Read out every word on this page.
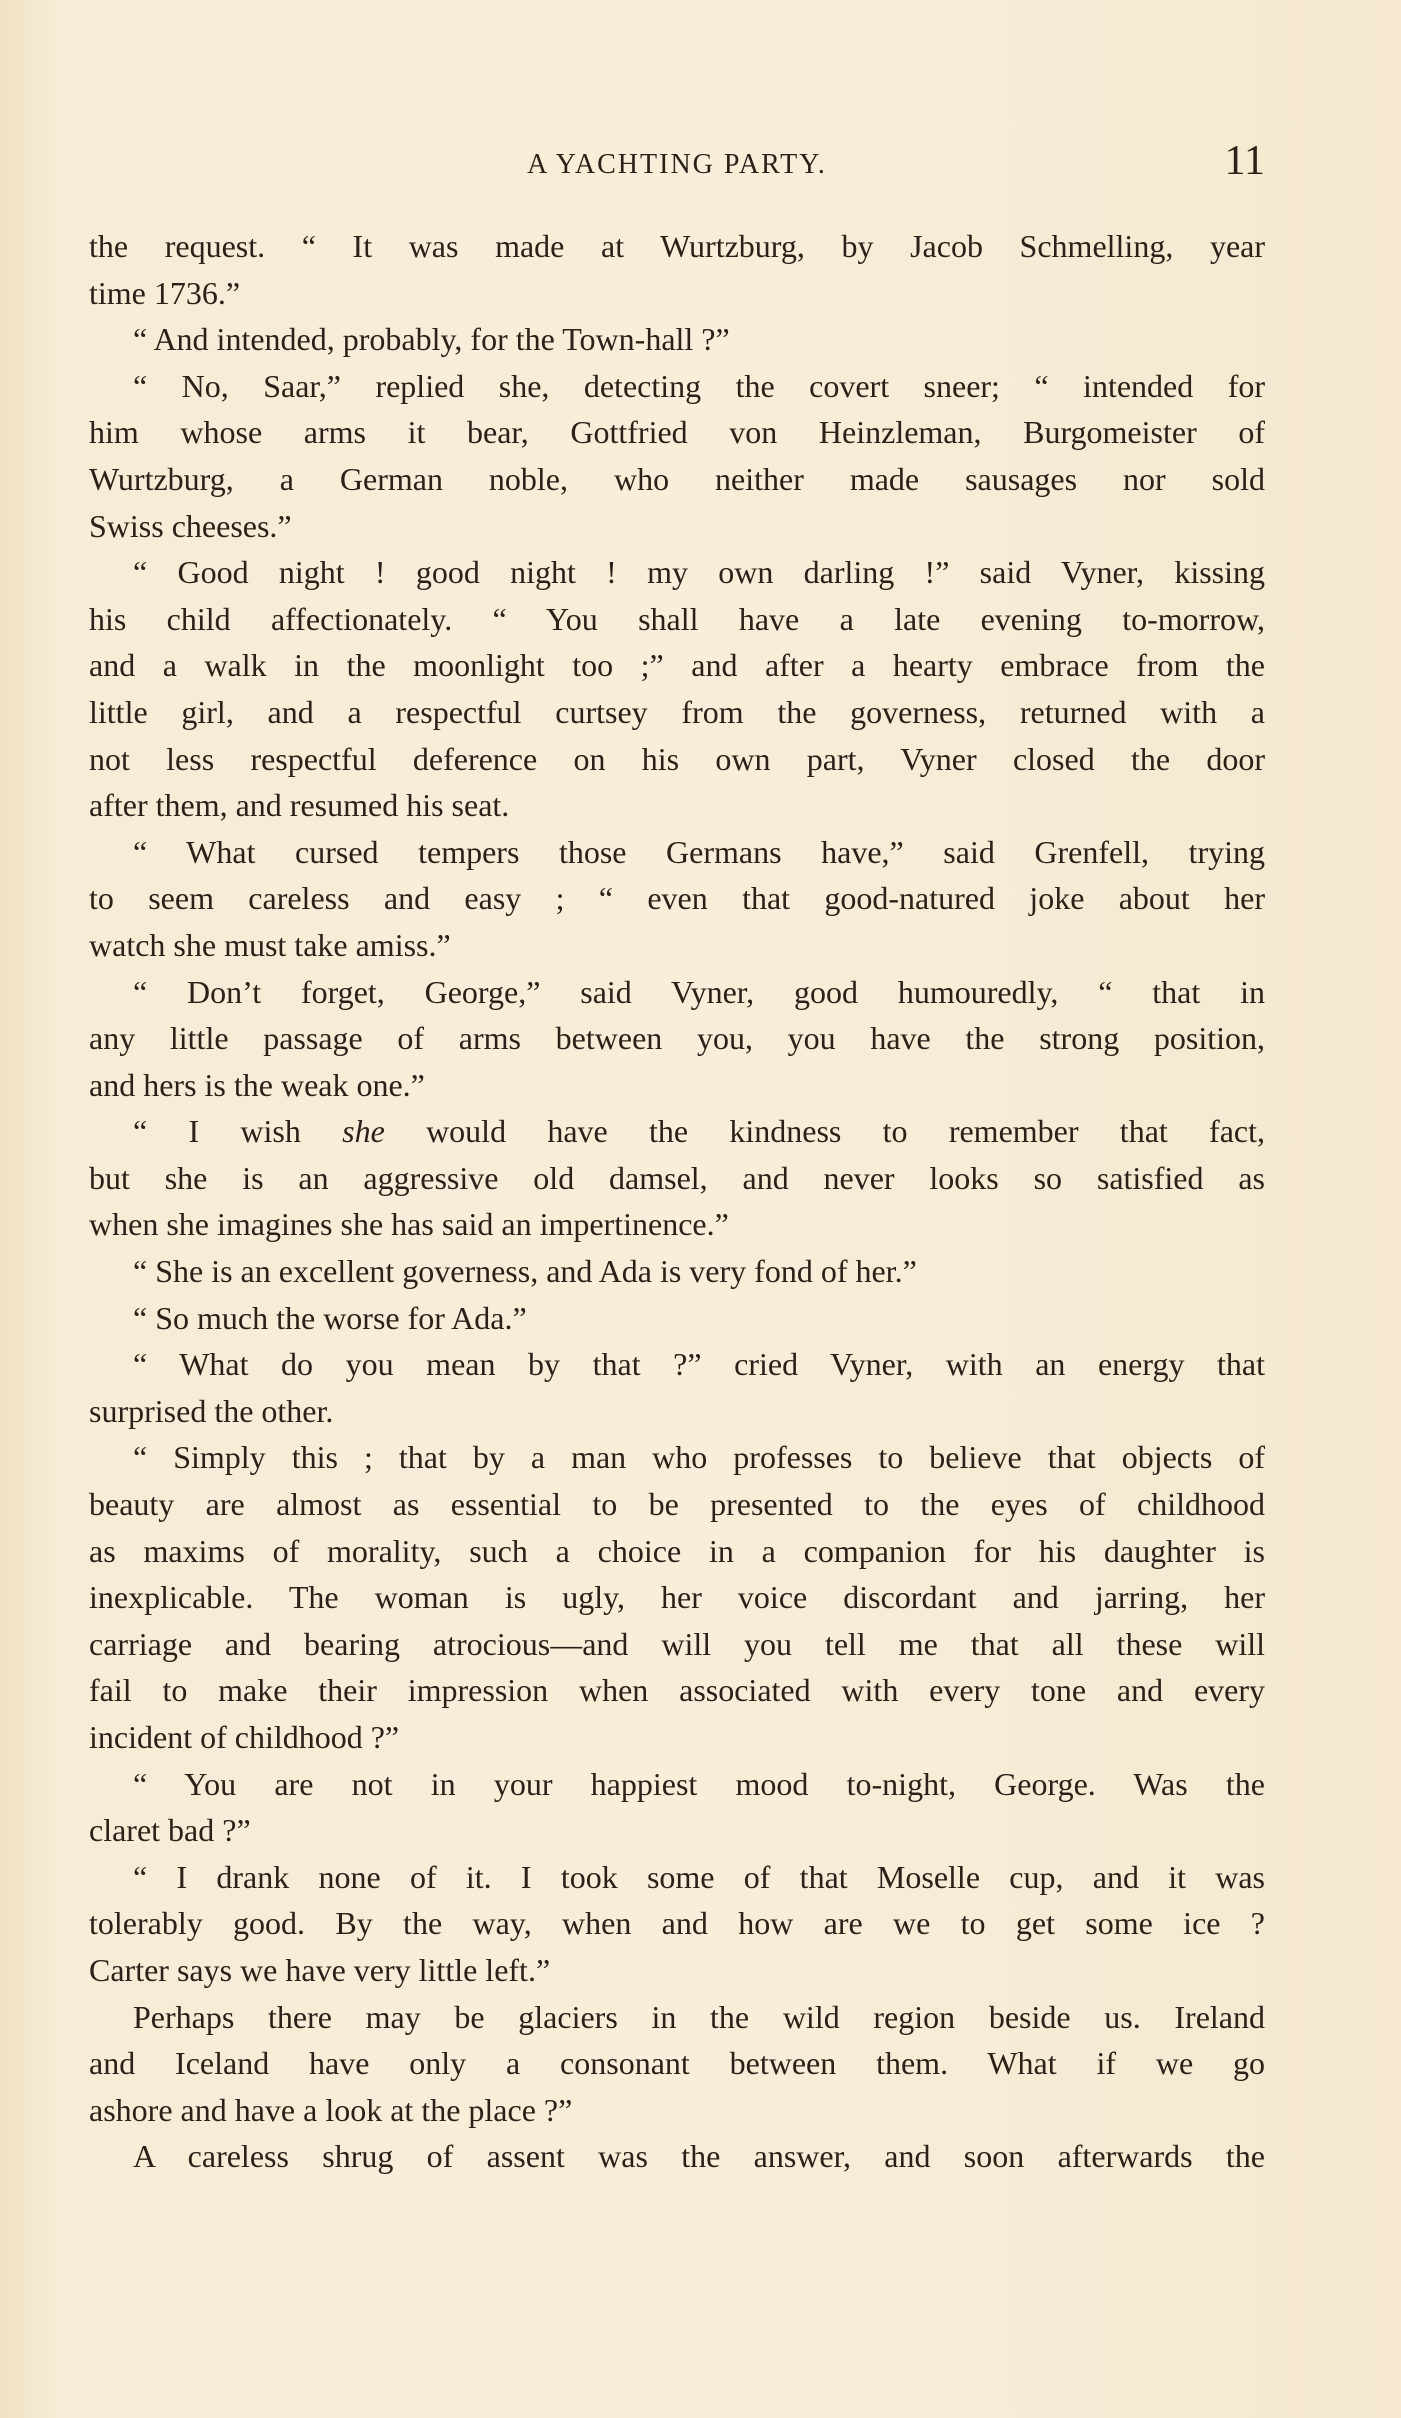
A YACHTING PARTY.	11
the request. “ It was made at Wurtzburg, by Jacob Schmelling, year
time 1736.”
“ And intended, probably, for the Town-hall ?”
“ No, Saar,” replied she, detecting the covert sneer; “ intended for
him whose arms it bear, Gottfried von Heinzleman, Burgomeister of
Wurtzburg, a German noble, who neither made sausages nor sold
Swiss cheeses.”
“ Good night ! good night ! my own darling !” said Vyner, kissing
his child affectionately. “ You shall have a late evening to-morrow,
and a walk in the moonlight too ;” and after a hearty embrace from the
little girl, and a respectful curtsey from the governess, returned with a
not less respectful deference on his own part, Vyner closed the door
after them, and resumed his seat.
“ What cursed tempers those Germans have,” said Grenfell, trying
to seem careless and easy ; “ even that good-natured joke about her
watch she must take amiss.”
“ Don’t forget, George,” said Vyner, good humouredly, “ that in
any little passage of arms between you, you have the strong position,
and hers is the weak one.”
“ I wish she would have the kindness to remember that fact,
but she is an aggressive old damsel, and never looks so satisfied as
when she imagines she has said an impertinence.”
“ She is an excellent governess, and Ada is very fond of her.”
“ So much the worse for Ada.”
“ What do you mean by that ?” cried Vyner, with an energy that
surprised the other.
“ Simply this ; that by a man who professes to believe that objects of
beauty are almost as essential to be presented to the eyes of childhood
as maxims of morality, such a choice in a companion for his daughter is
inexplicable. The woman is ugly, her voice discordant and jarring, her
carriage and bearing atrocious—and will you tell me that all these will
fail to make their impression when associated with every tone and every
incident of childhood ?”
“ You are not in your happiest mood to-night, George. Was the
claret bad ?”
“ I drank none of it. I took some of that Moselle cup, and it was
tolerably good. By the way, when and how are we to get some ice ?
Carter says we have very little left.”
Perhaps there may be glaciers in the wild region beside us. Ireland
and Iceland have only a consonant between them. What if we go
ashore and have a look at the place ?”
A careless shrug of assent was the answer, and soon afterwards the
